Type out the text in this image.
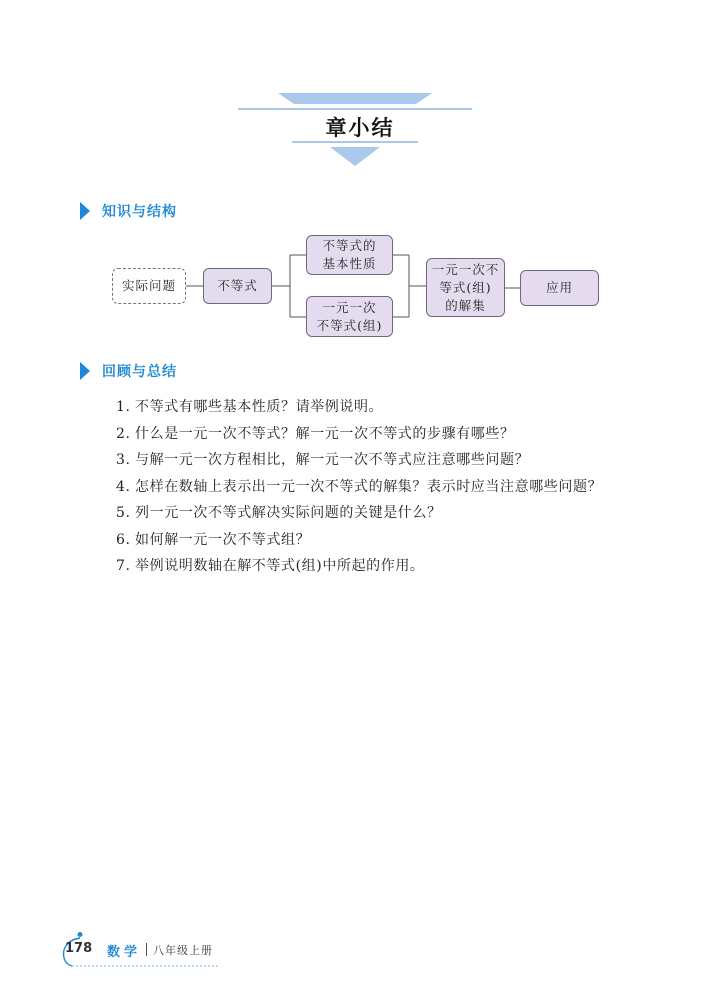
章小结
知识与结构
实际问题	不等式
不等式的
基本性质
一元一次
不等式(组)
一元一次不
等式(组)
的解集
应用
回顾与总结
1. 不等式有哪些基本性质？请举例说明。
2. 什么是一元一次不等式？解一元一次不等式的步骤有哪些？
3. 与解一元一次方程相比，解一元一次不等式应注意哪些问题？
4. 怎样在数轴上表示出一元一次不等式的解集？表示时应当注意哪些问题？
5. 列一元一次不等式解决实际问题的关键是什么？
6. 如何解一元一次不等式组？
7. 举例说明数轴在解不等式(组)中所起的作用。
178 数学 八年级上册
